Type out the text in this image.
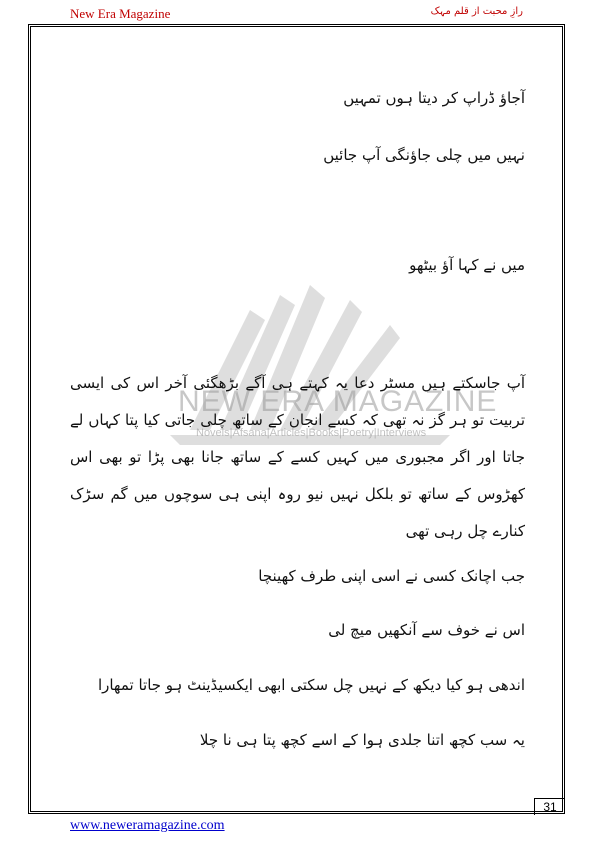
New Era Magazine	رازِ محبت از قلم مہک
NEW ERA MAGAZINE
Novels|Afsana|Articles|Books|Poetry|Interviews
آجاؤ ڈراپ کر دیتا ہوں تمہیں
نہیں میں چلی جاؤنگی آپ جائیں
میں نے کہا آؤ بیٹھو
آپ جاسکتے ہیں مسٹر دعا یہ کہتے ہی آگے بڑھگئی آخر اس کی ایسی تربیت تو ہر گز نہ تھی کہ کسے انجان کے ساتھ چلی جاتی کیا پتا کہاں لے جاتا اور اگر مجبوری میں کہیں کسے کے ساتھ جانا بھی پڑا تو بھی اس کھڑوس کے ساتھ تو بلکل نہیں نیو روہ اپنی ہی سوچوں میں گم سڑک کنارے چل رہی تھی
جب اچانک کسی نے اسی اپنی طرف کھینچا
اس نے خوف سے آنکھیں میچ لی
اندھی ہو کیا دیکھ کے نہیں چل سکتی ابھی ایکسیڈینٹ ہو جاتا تمھارا
یہ سب کچھ اتنا جلدی ہوا کے اسے کچھ پتا ہی نا چلا
31
www.neweramagazine.com
